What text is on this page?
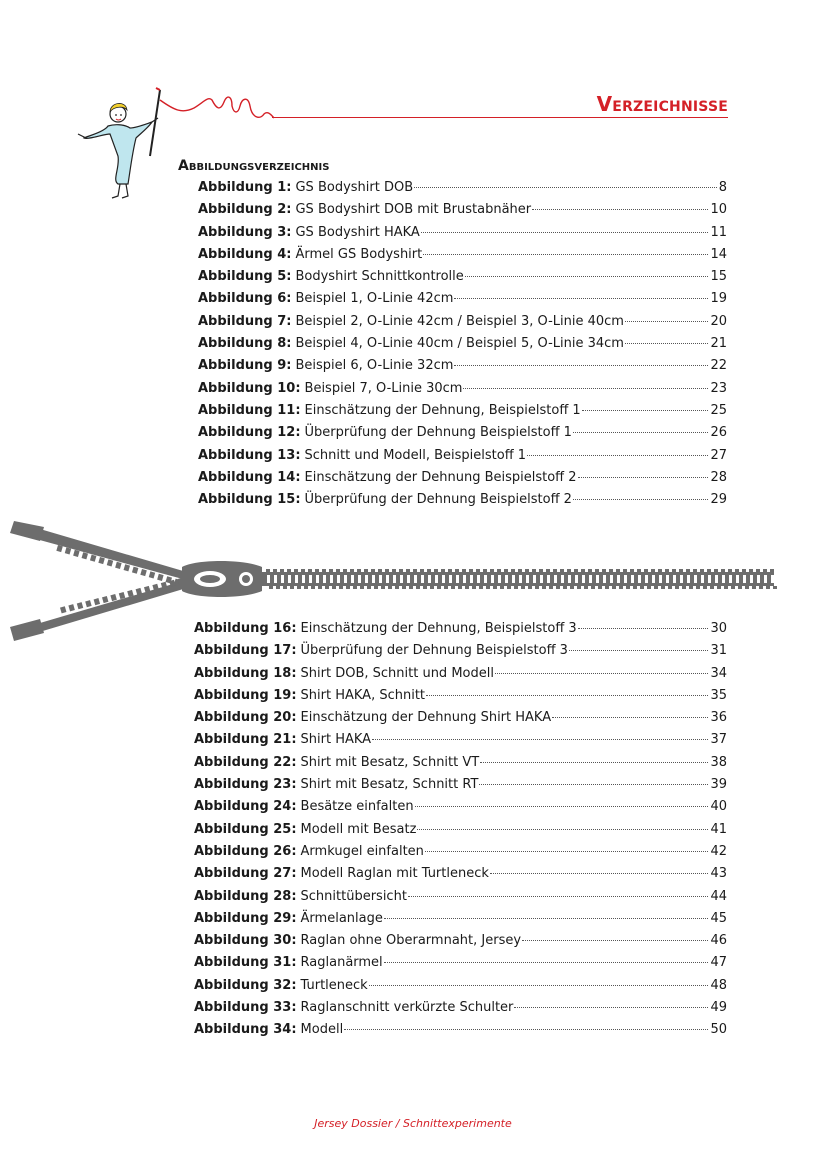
Verzeichnisse
Abbildungsverzeichnis
Abbildung 1: GS Bodyshirt DOB	8
Abbildung 2: GS Bodyshirt DOB mit Brustabnäher	10
Abbildung 3: GS Bodyshirt HAKA	11
Abbildung 4: Ärmel GS Bodyshirt	14
Abbildung 5: Bodyshirt Schnittkontrolle	15
Abbildung 6: Beispiel 1, O-Linie 42cm	19
Abbildung 7: Beispiel 2, O-Linie 42cm / Beispiel 3, O-Linie 40cm	20
Abbildung 8: Beispiel 4, O-Linie 40cm / Beispiel 5, O-Linie 34cm	21
Abbildung 9: Beispiel 6, O-Linie 32cm	22
Abbildung 10: Beispiel 7, O-Linie 30cm	23
Abbildung 11: Einschätzung der Dehnung, Beispielstoff 1	25
Abbildung 12: Überprüfung der Dehnung Beispielstoff 1	26
Abbildung 13: Schnitt und Modell, Beispielstoff 1	27
Abbildung 14: Einschätzung der Dehnung Beispielstoff 2	28
Abbildung 15: Überprüfung der Dehnung Beispielstoff 2	29
Abbildung 16: Einschätzung der Dehnung, Beispielstoff 3	30
Abbildung 17: Überprüfung der Dehnung Beispielstoff 3	31
Abbildung 18: Shirt DOB, Schnitt und Modell	34
Abbildung 19: Shirt HAKA, Schnitt	35
Abbildung 20: Einschätzung der Dehnung Shirt HAKA	36
Abbildung 21: Shirt HAKA	37
Abbildung 22: Shirt mit Besatz, Schnitt VT	38
Abbildung 23: Shirt mit Besatz, Schnitt RT	39
Abbildung 24: Besätze einfalten	40
Abbildung 25: Modell mit Besatz	41
Abbildung 26: Armkugel einfalten	42
Abbildung 27: Modell Raglan mit Turtleneck	43
Abbildung 28: Schnittübersicht	44
Abbildung 29: Ärmelanlage	45
Abbildung 30: Raglan ohne Oberarmnaht, Jersey	46
Abbildung 31: Raglanärmel	47
Abbildung 32: Turtleneck	48
Abbildung 33: Raglanschnitt verkürzte Schulter	49
Abbildung 34: Modell	50
Jersey Dossier / Schnittexperimente
